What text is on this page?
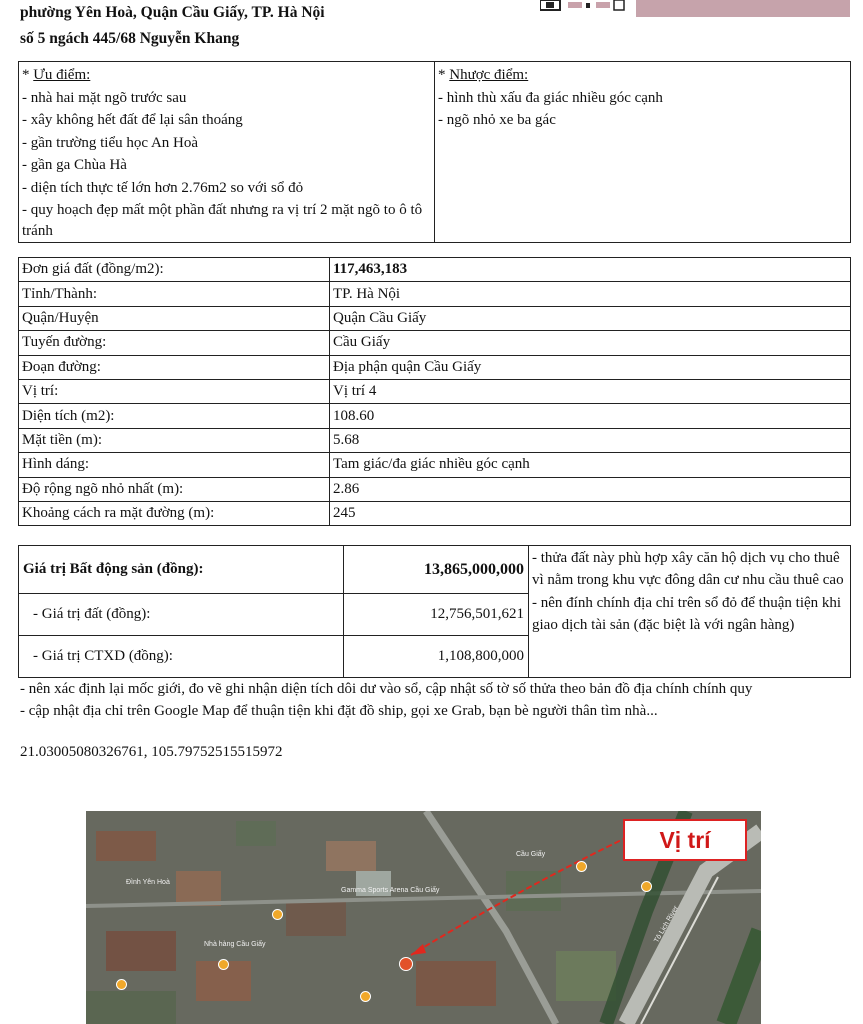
phường Yên Hoà, Quận Cầu Giấy, TP. Hà Nội
số 5 ngách 445/68 Nguyễn Khang
* Ưu điểm:
- nhà hai mặt ngõ trước sau
- xây không hết đất để lại sân thoáng
- gần trường tiểu học An Hoà
- gần ga Chùa Hà
- diện tích thực tế lớn hơn 2.76m2 so với sổ đỏ
- quy hoạch đẹp mất một phần đất nhưng ra vị trí 2 mặt ngõ to ô tô tránh
* Nhược điểm:
- hình thù xấu đa giác nhiều góc cạnh
- ngõ nhỏ xe ba gác
Đơn giá đất (đồng/m2):	117,463,183	
Tỉnh/Thành:	TP. Hà Nội	
Quận/Huyện	Quận Cầu Giấy	
Tuyến đường:	Cầu Giấy	
Đoạn đường:	Địa phận quận Cầu Giấy	
Vị trí:	Vị trí 4	
Diện tích (m2):	108.60	
Mặt tiền (m):	5.68	
Hình dáng:	Tam giác/đa giác nhiều góc cạnh	
Độ rộng ngõ nhỏ nhất (m):	2.86	
Khoảng cách ra mặt đường (m):	245	
Giá trị Bất động sản (đồng):	13,865,000,000	- thửa đất này phù hợp xây căn hộ dịch vụ cho thuê vì nằm trong khu vực đông dân cư nhu cầu thuê cao
- nên đính chính địa chỉ trên sổ đỏ để thuận tiện khi giao dịch tài sản (đặc biệt là với ngân hàng)

- Giá trị đất (đồng):	12,756,501,621	
- Giá trị CTXD (đồng):	1,108,800,000	
- nên xác định lại mốc giới, đo vẽ ghi nhận diện tích dôi dư vào sổ, cập nhật số tờ số thửa theo bản đồ địa chính chính quy
- cập nhật địa chỉ trên Google Map để thuận tiện khi đặt đồ ship, gọi xe Grab, bạn bè người thân tìm nhà...
21.03005080326761, 105.79752515515972
Đình Yên Hoà
Nhà hàng Cầu Giấy
Gamma Sports Arena Cầu Giấy
Cầu Giấy
Tô Lịch River
Vị trí
